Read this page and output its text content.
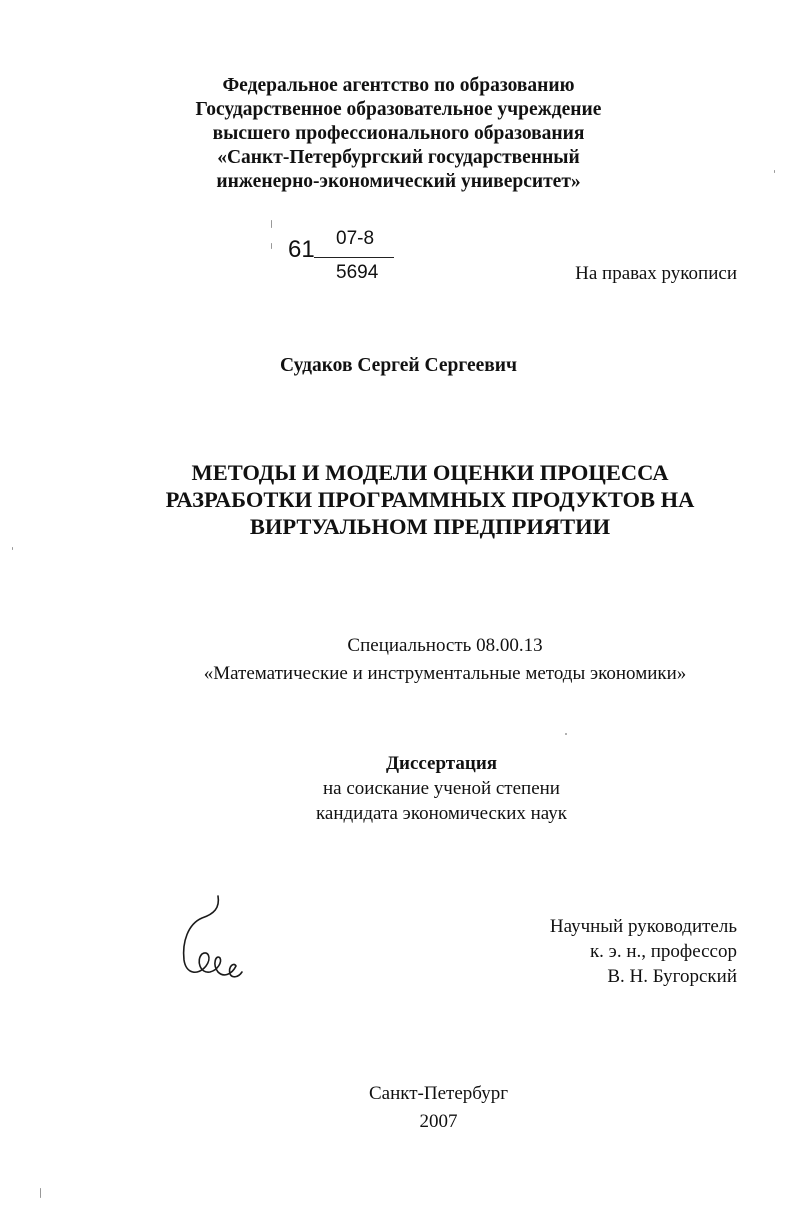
Федеральное агентство по образованию
Государственное образовательное учреждение
высшего профессионального образования
«Санкт-Петербургский государственный
инженерно-экономический университет»
61 07-8
5694	На правах рукописи
Судаков Сергей Сергеевич
МЕТОДЫ И МОДЕЛИ ОЦЕНКИ ПРОЦЕССА
РАЗРАБОТКИ ПРОГРАММНЫХ ПРОДУКТОВ НА
ВИРТУАЛЬНОМ ПРЕДПРИЯТИИ
Специальность 08.00.13
«Математические и инструментальные методы экономики»
Диссертация
на соискание ученой степени
кандидата экономических наук
Научный руководитель
к. э. н., профессор
В. Н. Бугорский
Санкт-Петербург
2007
